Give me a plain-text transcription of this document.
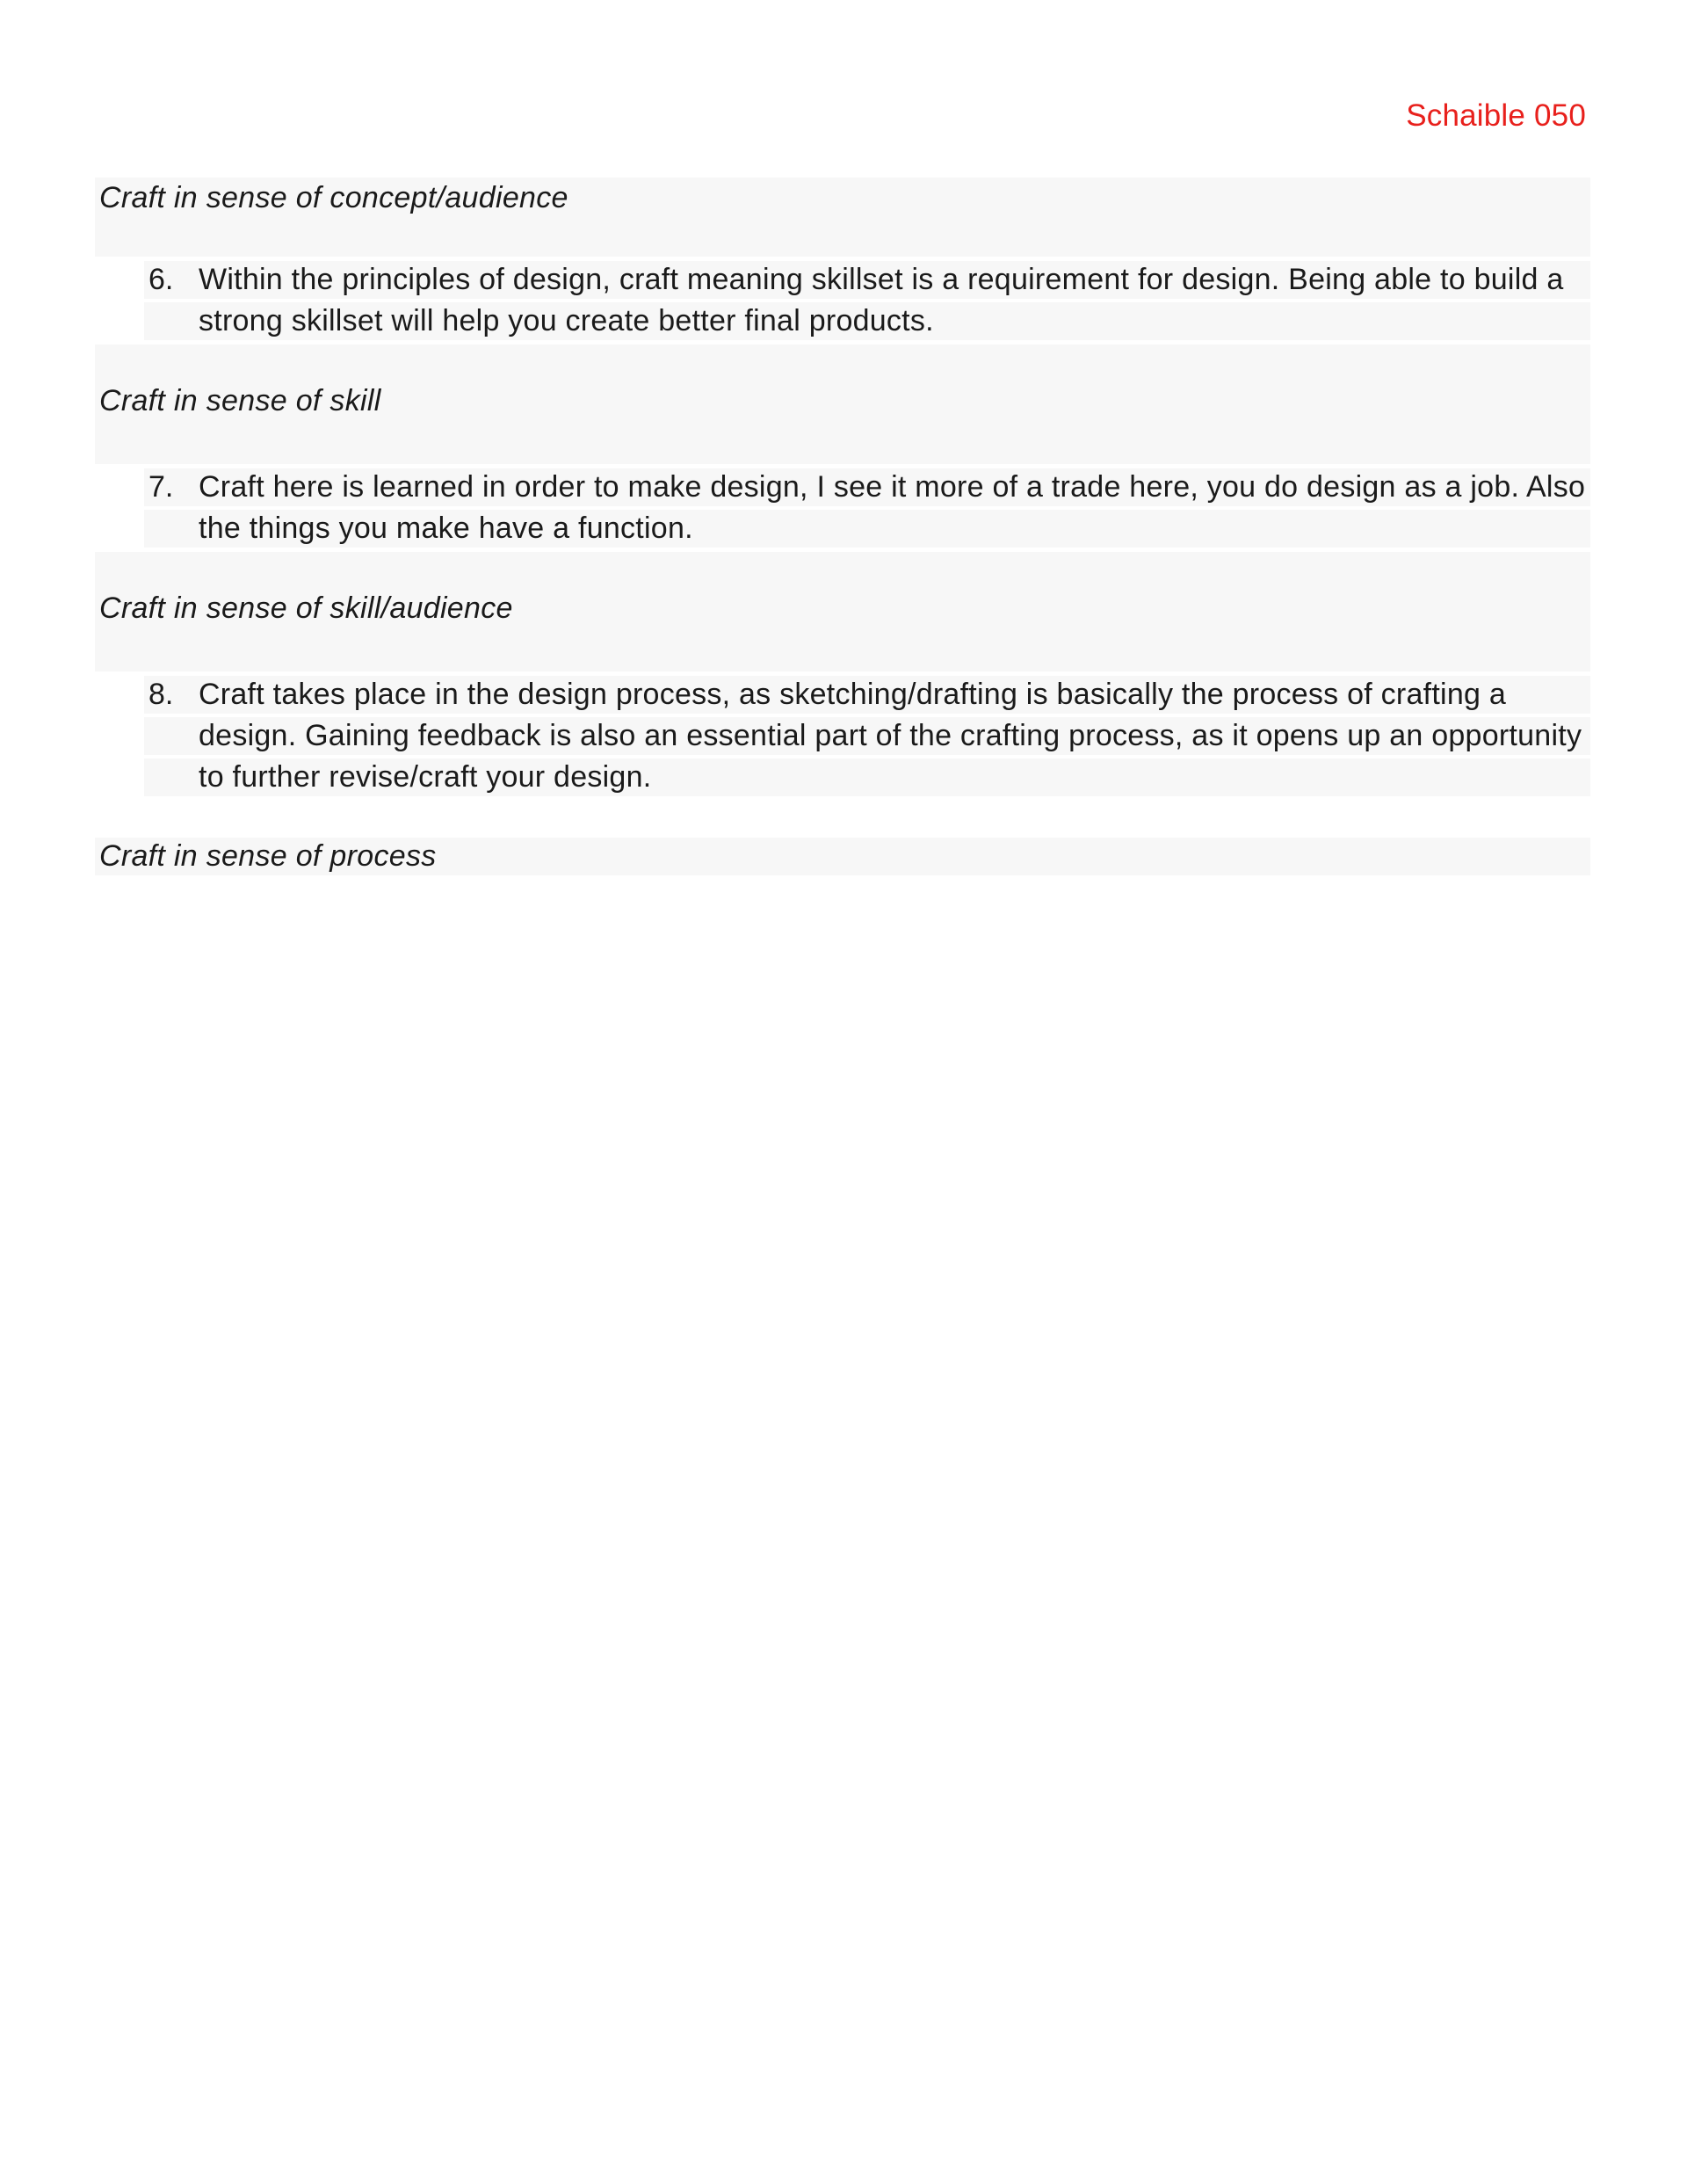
Schaible 050
Craft in sense of concept/audience
6. Within the principles of design, craft meaning skillset is a requirement for design. Being able to build a
strong skillset will help you create better final products.
Craft in sense of skill
7. Craft here is learned in order to make design, I see it more of a trade here, you do design as a job. Also
the things you make have a function.
Craft in sense of skill/audience
8. Craft takes place in the design process, as sketching/drafting is basically the process of crafting a
design. Gaining feedback is also an essential part of the crafting process, as it opens up an opportunity
to further revise/craft your design.
Craft in sense of process
